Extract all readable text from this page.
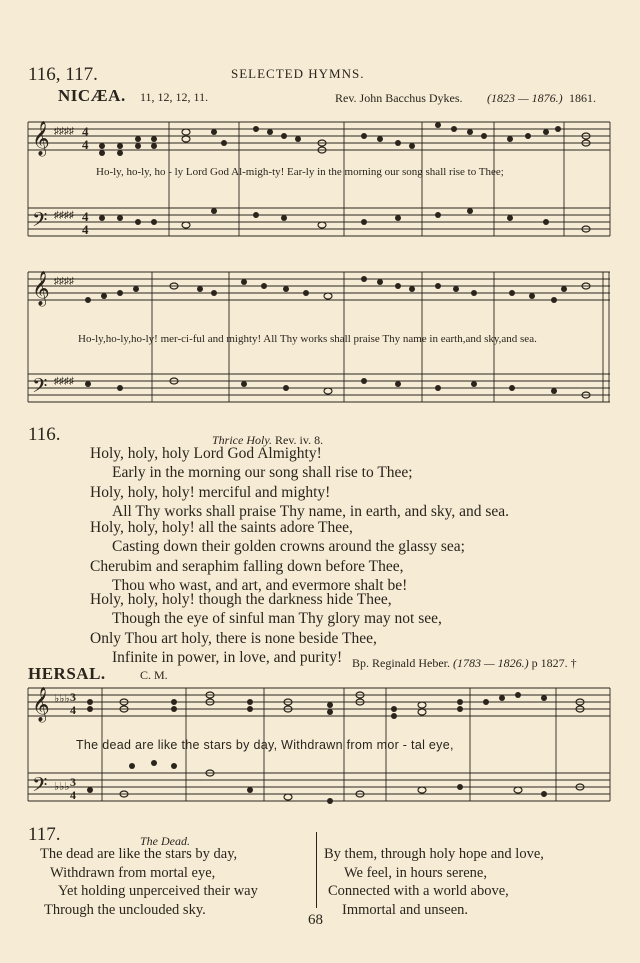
116, 117.	SELECTED HYMNS.
NICÆA. 11, 12, 12, 11.	Rev. John Bacchus Dykes. (1823 — 1876.) 1861.
𝄞
𝄢
♯♯♯♯
♯♯♯♯
4
4
4
4
Ho-ly, ho-ly, ho - ly Lord God Al-migh-ty! Ear-ly in the morning our song shall rise to Thee;
𝄞
𝄢
♯♯♯♯
♯♯♯♯
Ho-ly,ho-ly,ho-ly! mer-ci-ful and mighty! All Thy works shall praise Thy name in earth,and sky,and sea.
116.	Thrice Holy. Rev. iv. 8.
Holy, holy, holy Lord God Almighty!
Early in the morning our song shall rise to Thee;
Holy, holy, holy! merciful and mighty!
All Thy works shall praise Thy name, in earth, and sky, and sea.
Holy, holy, holy! all the saints adore Thee,
Casting down their golden crowns around the glassy sea;
Cherubim and seraphim falling down before Thee,
Thou who wast, and art, and evermore shalt be!
Holy, holy, holy! though the darkness hide Thee,
Though the eye of sinful man Thy glory may not see,
Only Thou art holy, there is none beside Thee,
Infinite in power, in love, and purity! Bp. Reginald Heber. (1783 — 1826.) p 1827. †
HERSAL.	C. M.
𝄞
𝄢
♭♭♭
♭♭♭
3
4
3
4
The dead are like the stars by day, Withdrawn from mor - tal eye,
117.	The Dead.
The dead are like the stars by day,
Withdrawn from mortal eye,
Yet holding unperceived their way
Through the unclouded sky.
By them, through holy hope and love,
We feel, in hours serene,
Connected with a world above,
Immortal and unseen.
68
